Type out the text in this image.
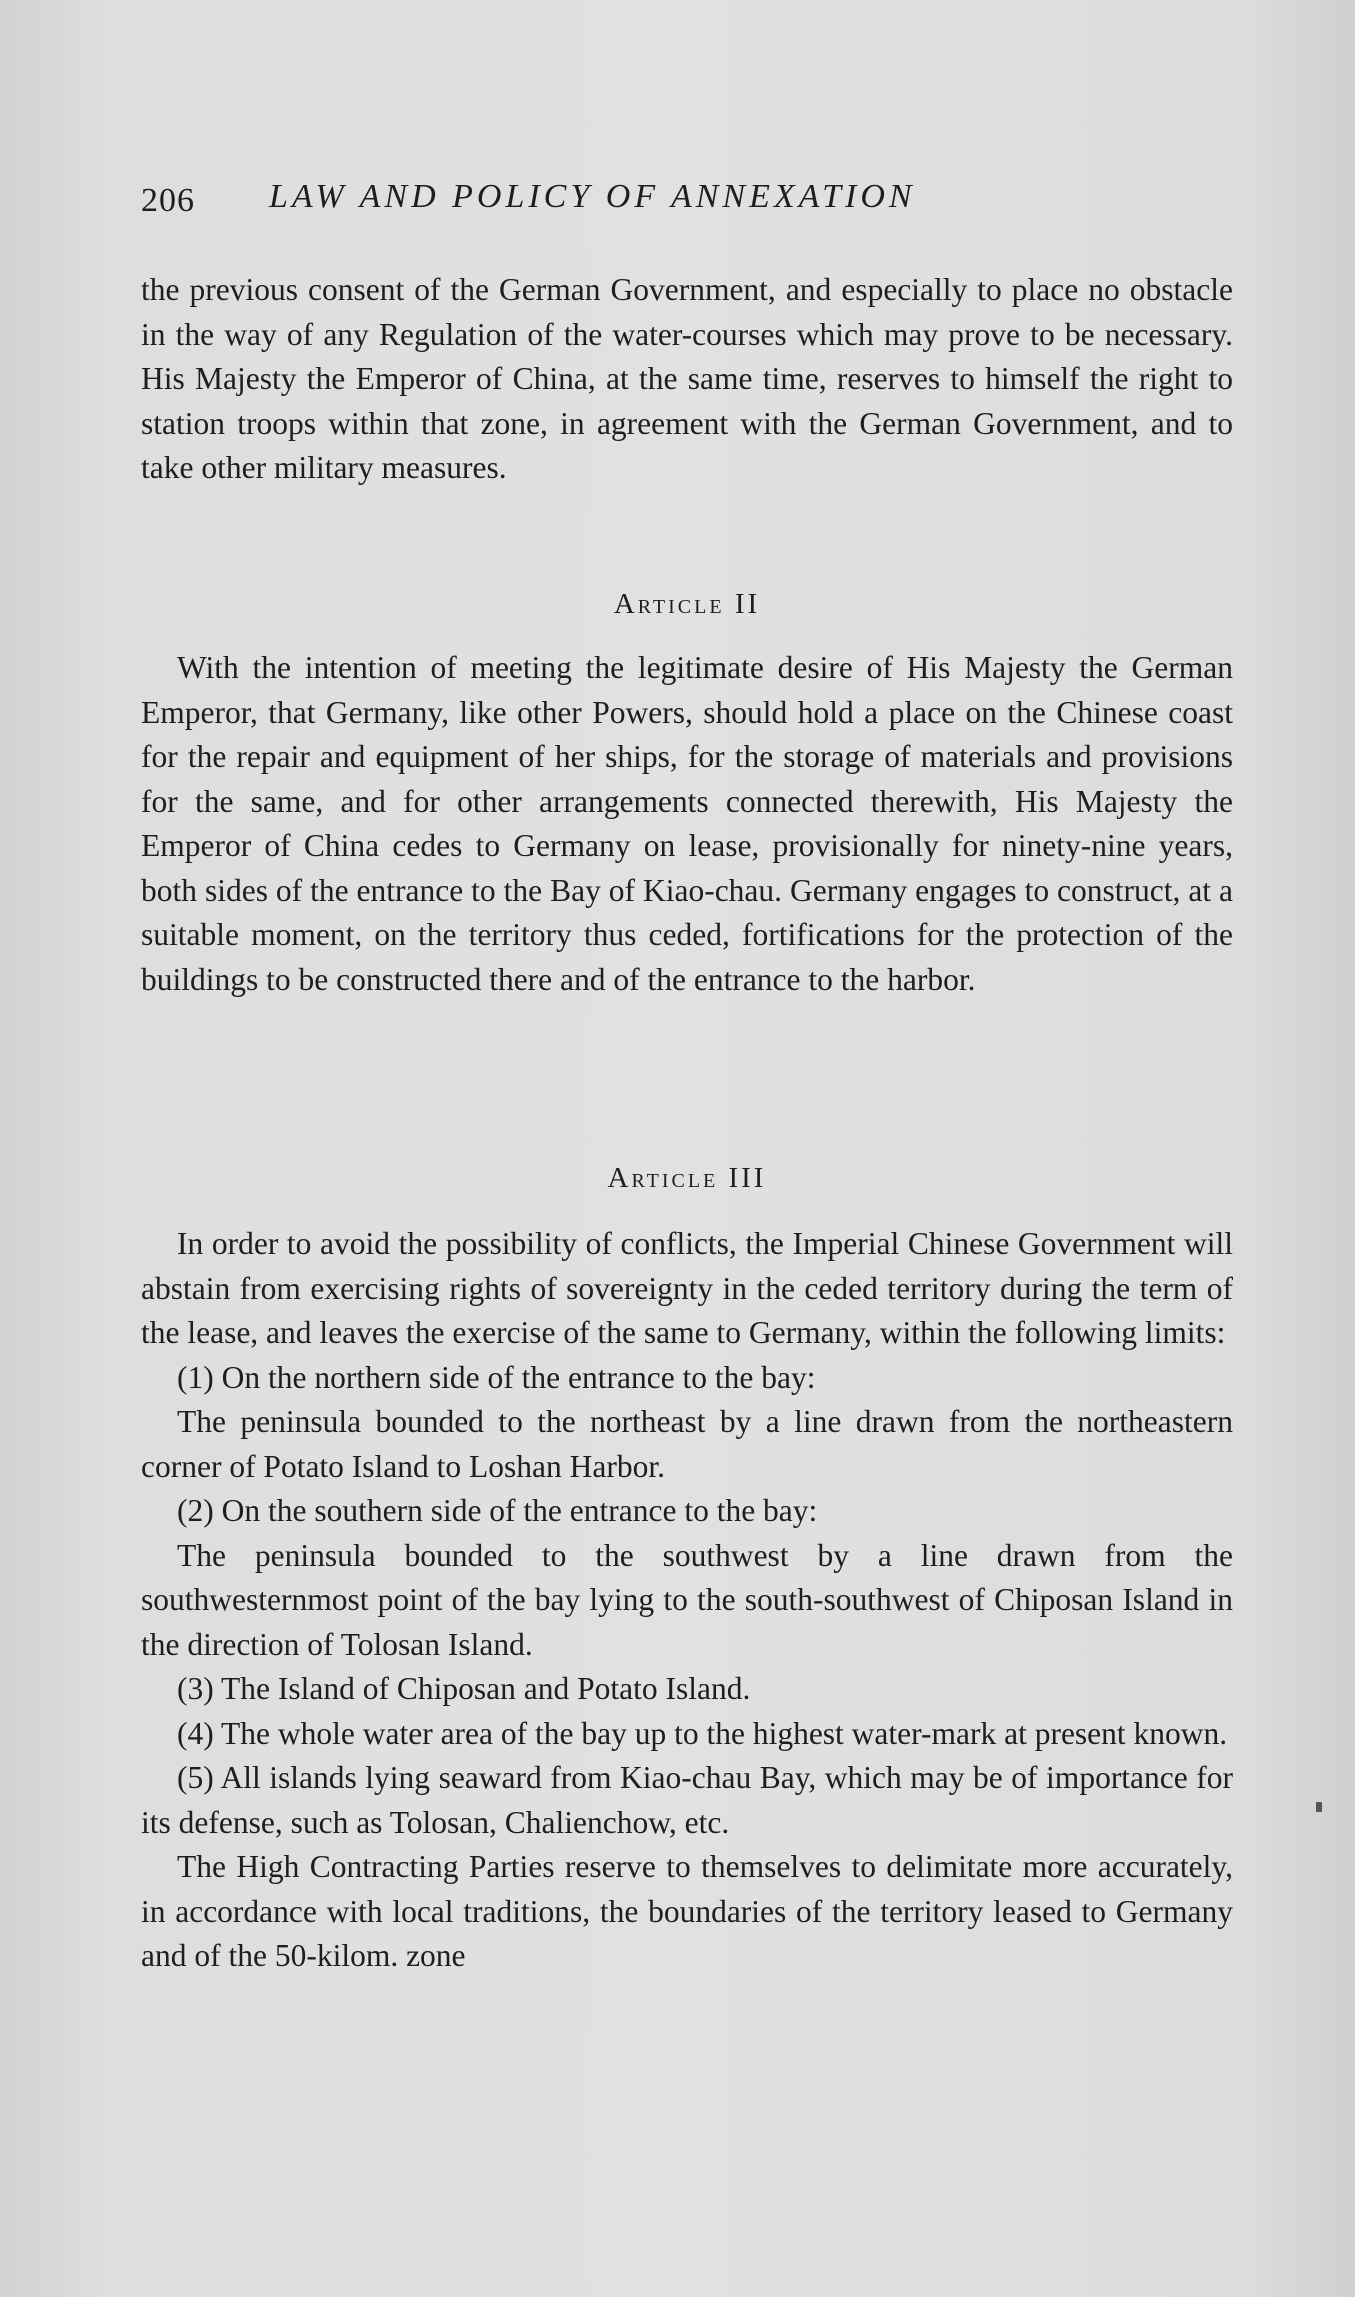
206 LAW AND POLICY OF ANNEXATION

the previous consent of the German Government, and especially to place no obstacle in the way of any Regulation of the water-courses which may prove to be necessary. His Majesty the Emperor of China, at the same time, reserves to himself the right to station troops within that zone, in agreement with the German Government, and to take other military measures.

Article II

With the intention of meeting the legitimate desire of His Majesty the German Emperor, that Germany, like other Powers, should hold a place on the Chinese coast for the repair and equipment of her ships, for the storage of materials and provisions for the same, and for other arrangements connected therewith, His Majesty the Emperor of China cedes to Germany on lease, provisionally for ninety-nine years, both sides of the entrance to the Bay of Kiao-chau. Germany engages to construct, at a suitable moment, on the territory thus ceded, fortifications for the protection of the buildings to be constructed there and of the entrance to the harbor.

Article III

In order to avoid the possibility of conflicts, the Imperial Chinese Government will abstain from exercising rights of sovereignty in the ceded territory during the term of the lease, and leaves the exercise of the same to Germany, within the following limits:

(1) On the northern side of the entrance to the bay:

The peninsula bounded to the northeast by a line drawn from the northeastern corner of Potato Island to Loshan Harbor.

(2) On the southern side of the entrance to the bay:

The peninsula bounded to the southwest by a line drawn from the southwesternmost point of the bay lying to the south-southwest of Chiposan Island in the direction of Tolosan Island.

(3) The Island of Chiposan and Potato Island.

(4) The whole water area of the bay up to the highest water-mark at present known.

(5) All islands lying seaward from Kiao-chau Bay, which may be of importance for its defense, such as Tolosan, Chalienchow, etc.

The High Contracting Parties reserve to themselves to delimitate more accurately, in accordance with local traditions, the boundaries of the territory leased to Germany and of the 50-kilom. zone
